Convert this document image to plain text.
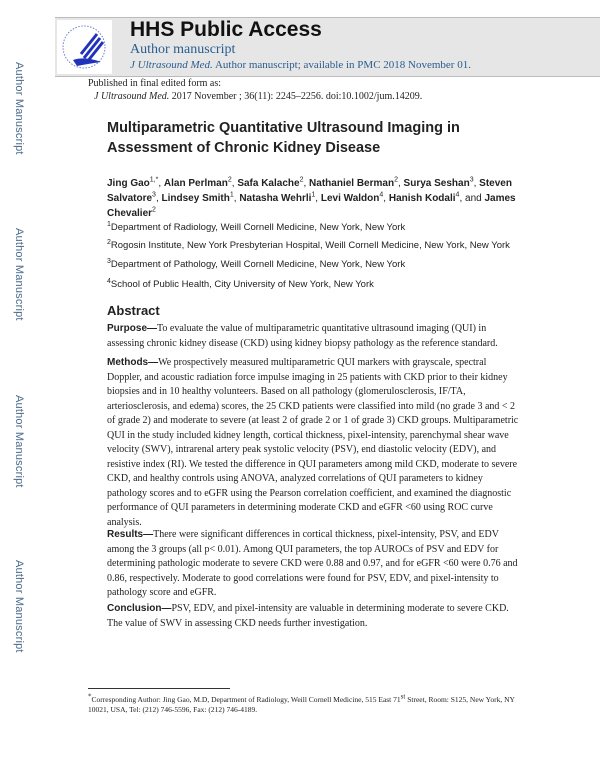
Author Manuscript
Author Manuscript
Author Manuscript
Author Manuscript
HHS Public Access
Author manuscript
J Ultrasound Med. Author manuscript; available in PMC 2018 November 01.
Published in final edited form as:
J Ultrasound Med. 2017 November ; 36(11): 2245–2256. doi:10.1002/jum.14209.
Multiparametric Quantitative Ultrasound Imaging in Assessment of Chronic Kidney Disease
Jing Gao$^{1,*}$, Alan Perlman$^2$, Safa Kalache$^2$, Nathaniel Berman$^2$, Surya Seshan$^3$, Steven Salvatore$^3$, Lindsey Smith$^1$, Natasha Wehrli$^1$, Levi Waldon$^4$, Hanish Kodali$^4$, and James Chevalier$^2$
$^1$Department of Radiology, Weill Cornell Medicine, New York, New York
$^2$Rogosin Institute, New York Presbyterian Hospital, Weill Cornell Medicine, New York, New York
$^3$Department of Pathology, Weill Cornell Medicine, New York, New York
$^4$School of Public Health, City University of New York, New York
Abstract
Purpose—To evaluate the value of multiparametric quantitative ultrasound imaging (QUI) in assessing chronic kidney disease (CKD) using kidney biopsy pathology as the reference standard.
Methods—We prospectively measured multiparametric QUI markers with grayscale, spectral Doppler, and acoustic radiation force impulse imaging in 25 patients with CKD prior to their kidney biopsies and in 10 healthy volunteers. Based on all pathology (glomerulosclerosis, IF/TA, arteriosclerosis, and edema) scores, the 25 CKD patients were classified into mild (no grade 3 and < 2 of grade 2) and moderate to severe (at least 2 of grade 2 or 1 of grade 3) CKD groups. Multiparametric QUI in the study included kidney length, cortical thickness, pixel-intensity, parenchymal shear wave velocity (SWV), intrarenal artery peak systolic velocity (PSV), end diastolic velocity (EDV), and resistive index (RI). We tested the difference in QUI parameters among mild CKD, moderate to severe CKD, and healthy controls using ANOVA, analyzed correlations of QUI parameters to kidney pathology scores and to eGFR using the Pearson correlation coefficient, and examined the diagnostic performance of QUI parameters in determining moderate CKD and eGFR <60 using ROC curve analysis.
Results—There were significant differences in cortical thickness, pixel-intensity, PSV, and EDV among the 3 groups (all p< 0.01). Among QUI parameters, the top AUROCs of PSV and EDV for determining pathologic moderate to severe CKD were 0.88 and 0.97, and for eGFR <60 were 0.76 and 0.86, respectively. Moderate to good correlations were found for PSV, EDV, and pixel-intensity to pathology score and eGFR.
Conclusion—PSV, EDV, and pixel-intensity are valuable in determining moderate to severe CKD. The value of SWV in assessing CKD needs further investigation.
*Corresponding Author: Jing Gao, M.D, Department of Radiology, Weill Cornell Medicine, 515 East 71st Street, Room: S125, New York, NY 10021, USA, Tel: (212) 746-5596, Fax: (212) 746-4189.
